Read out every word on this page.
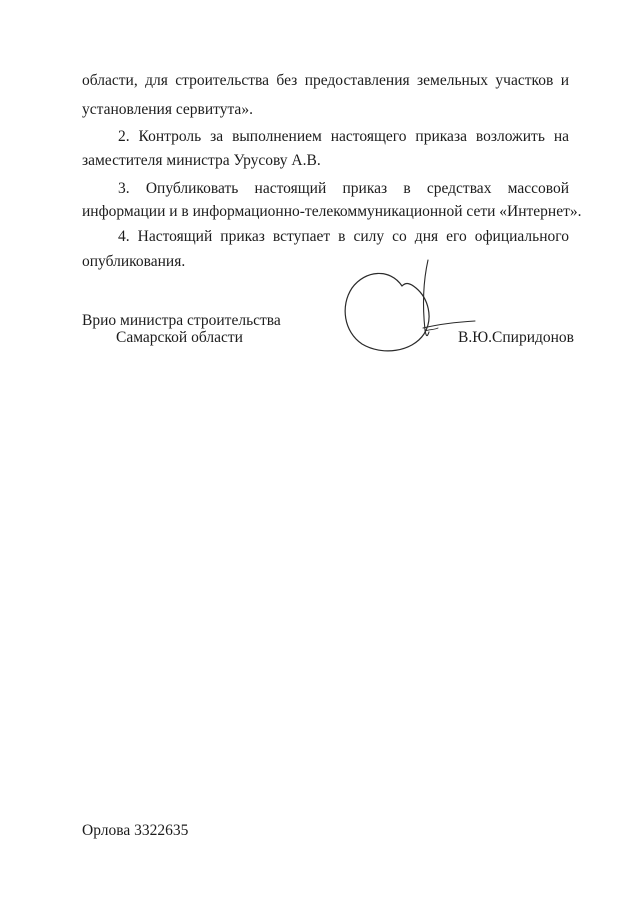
области, для строительства без предоставления земельных участков и
установления сервитута».
2. Контроль за выполнением настоящего приказа возложить на
заместителя министра Урусову А.В.
3. Опубликовать настоящий приказ в средствах массовой
информации и в информационно-телекоммуникационной сети «Интернет».
4. Настоящий приказ вступает в силу со дня его официального
опубликования.
Врио министра строительства
Самарской области	В.Ю.Спиридонов
Орлова 3322635
